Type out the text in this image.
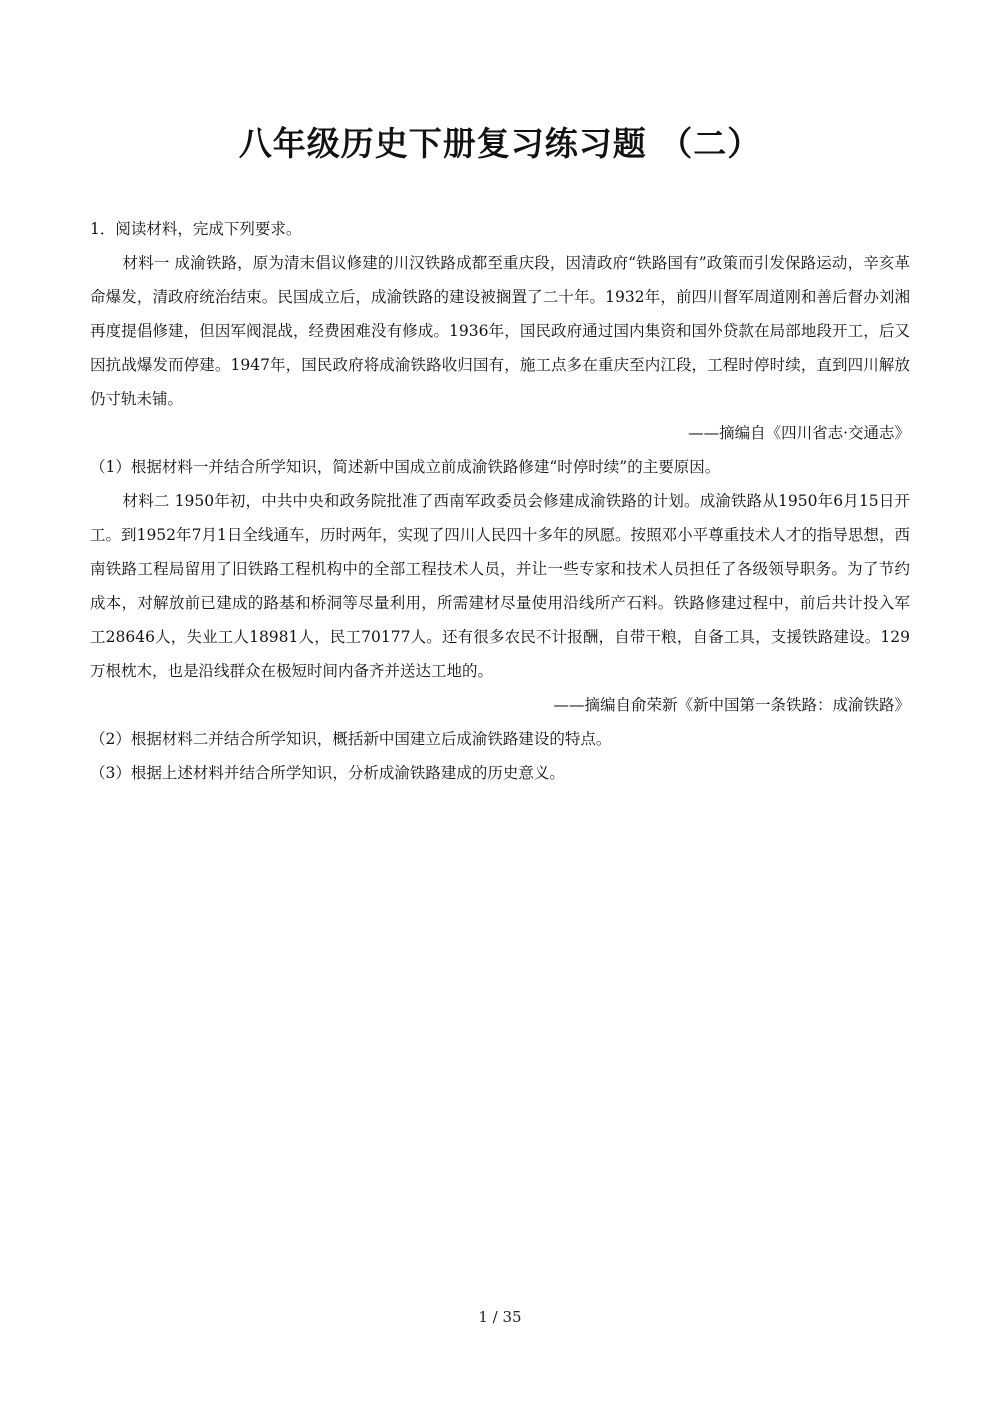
八年级历史下册复习练习题 （二）

1．阅读材料，完成下列要求。

材料一 成渝铁路，原为清末倡议修建的川汉铁路成都至重庆段，因清政府“铁路国有”政策而引发保路运动，辛亥革命爆发，清政府统治结束。民国成立后，成渝铁路的建设被搁置了二十年。1932年，前四川督军周道刚和善后督办刘湘再度提倡修建，但因军阀混战，经费困难没有修成。1936年，国民政府通过国内集资和国外贷款在局部地段开工，后又因抗战爆发而停建。1947年，国民政府将成渝铁路收归国有，施工点多在重庆至内江段，工程时停时续，直到四川解放仍寸轨未铺。

——摘编自《四川省志·交通志》

（1）根据材料一并结合所学知识，简述新中国成立前成渝铁路修建“时停时续”的主要原因。

材料二 1950年初，中共中央和政务院批准了西南军政委员会修建成渝铁路的计划。成渝铁路从1950年6月15日开工。到1952年7月1日全线通车，历时两年，实现了四川人民四十多年的夙愿。按照邓小平尊重技术人才的指导思想，西南铁路工程局留用了旧铁路工程机构中的全部工程技术人员，并让一些专家和技术人员担任了各级领导职务。为了节约成本，对解放前已建成的路基和桥洞等尽量利用，所需建材尽量使用沿线所产石料。铁路修建过程中，前后共计投入军工28646人，失业工人18981人，民工70177人。还有很多农民不计报酬，自带干粮，自备工具，支援铁路建设。129万根枕木，也是沿线群众在极短时间内备齐并送达工地的。

——摘编自俞荣新《新中国第一条铁路：成渝铁路》

（2）根据材料二并结合所学知识，概括新中国建立后成渝铁路建设的特点。

（3）根据上述材料并结合所学知识，分析成渝铁路建成的历史意义。

1 / 35
